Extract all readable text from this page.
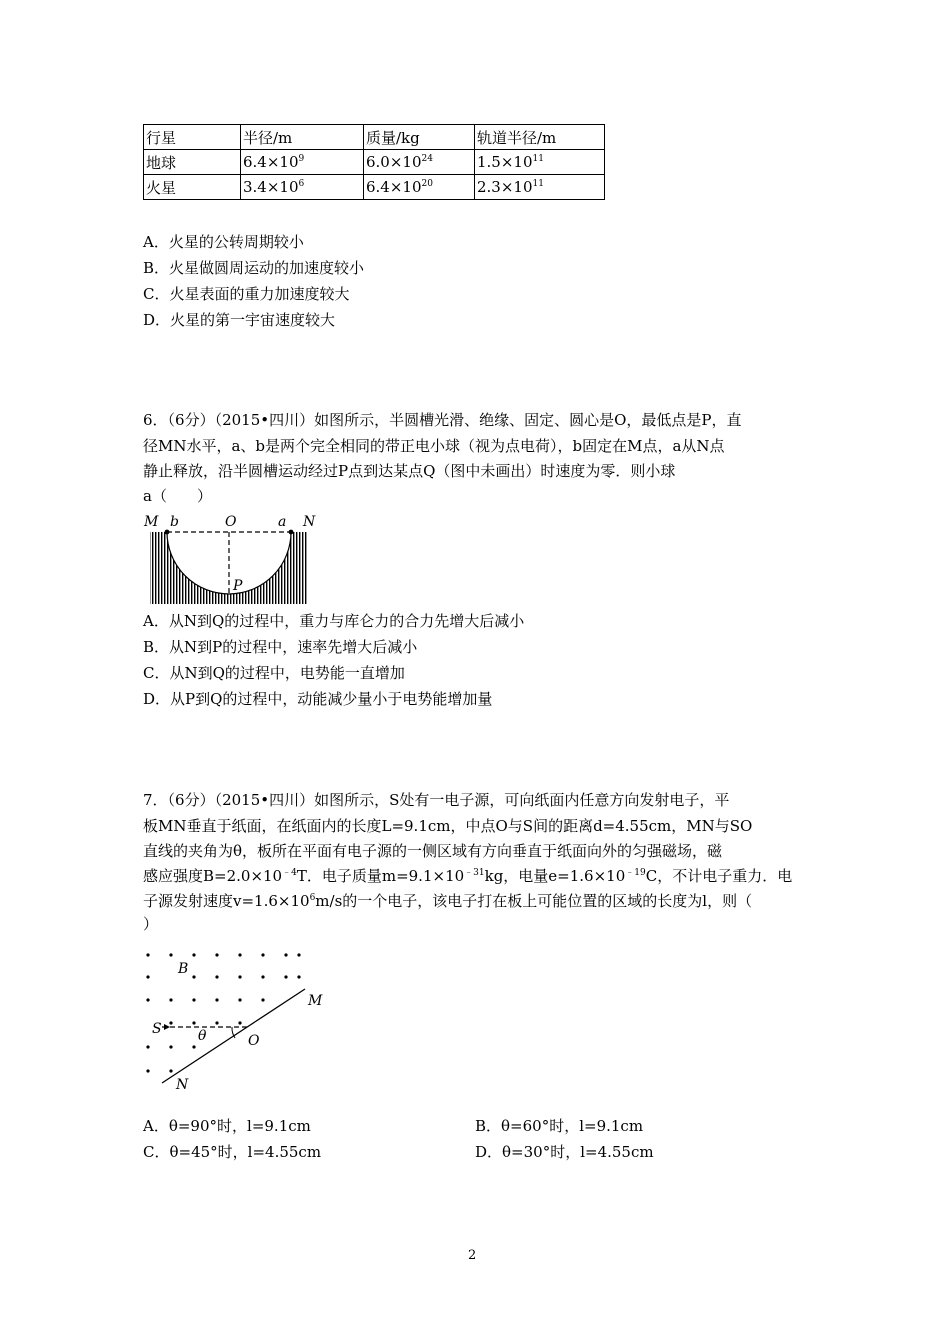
行星	半径/m	质量/kg	轨道半径/m
地球	$6.4\times 10^9$	$6.0\times 10^{24}$	$1.5\times 10^{11}$
火星	$3.4\times 10^6$	$6.4\times 10^{20}$	$2.3\times 10^{11}$
A．火星的公转周期较小
B．火星做圆周运动的加速度较小
C．火星表面的重力加速度较大
D．火星的第一宇宙速度较大
6．（6分）（2015•四川）如图所示，半圆槽光滑、绝缘、固定、圆心是O，最低点是P，直
径MN水平，a、b是两个完全相同的带正电小球（视为点电荷），b固定在M点，a从N点
静止释放，沿半圆槽运动经过P点到达某点Q（图中未画出）时速度为零．则小球
a（　　）
M b	O	a N
P
A．从N到Q的过程中，重力与库仑力的合力先增大后减小
B．从N到P的过程中，速率先增大后减小
C．从N到Q的过程中，电势能一直增加
D．从P到Q的过程中，动能减少量小于电势能增加量
7．（6分）（2015•四川）如图所示，S处有一电子源，可向纸面内任意方向发射电子，平
板MN垂直于纸面，在纸面内的长度L=9.1cm，中点O与S间的距离d=4.55cm，MN与SO
直线的夹角为θ，板所在平面有电子源的一侧区域有方向垂直于纸面向外的匀强磁场，磁
感应强度$B=2.0\times 10^{﹣4}T$．电子质量$m=9.1\times 10^{﹣31}kg$，电量$e=1.6\times 10^{﹣19}C$，不计电子重力．电
子源发射速度$v=1.6\times 10^6m/s$的一个电子，该电子打在板上可能位置的区域的长度为l，则（
）
B
M
S	θ	O
N
A．θ=90°时，l=9.1cm	B．θ=60°时，l=9.1cm
C．θ=45°时，l=4.55cm	D．θ=30°时，l=4.55cm
2
